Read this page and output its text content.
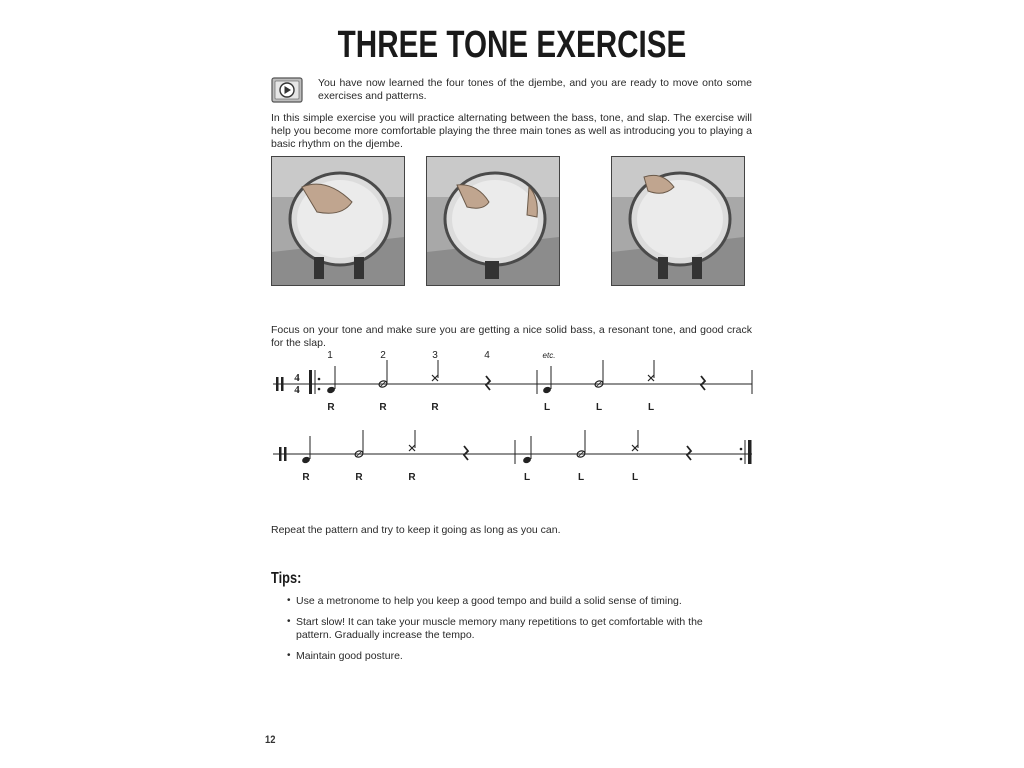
THREE TONE EXERCISE
You have now learned the four tones of the djembe, and you are ready to move onto some exercises and patterns.
In this simple exercise you will practice alternating between the bass, tone, and slap. The exercise will help you become more comfortable playing the three main tones as well as introducing you to playing a basic rhythm on the djembe.
Focus on your tone and make sure you are getting a nice solid bass, a resonant tone, and good crack for the slap.
1	2	3	4	etc.
4
4
R	R	R	L	L	L
R	R	R	L	L	L
Repeat the pattern and try to keep it going as long as you can.
Tips:
• Use a metronome to help you keep a good tempo and build a solid sense of timing.
• Start slow! It can take your muscle memory many repetitions to get comfortable with the pattern. Gradually increase the tempo.
• Maintain good posture.
12
